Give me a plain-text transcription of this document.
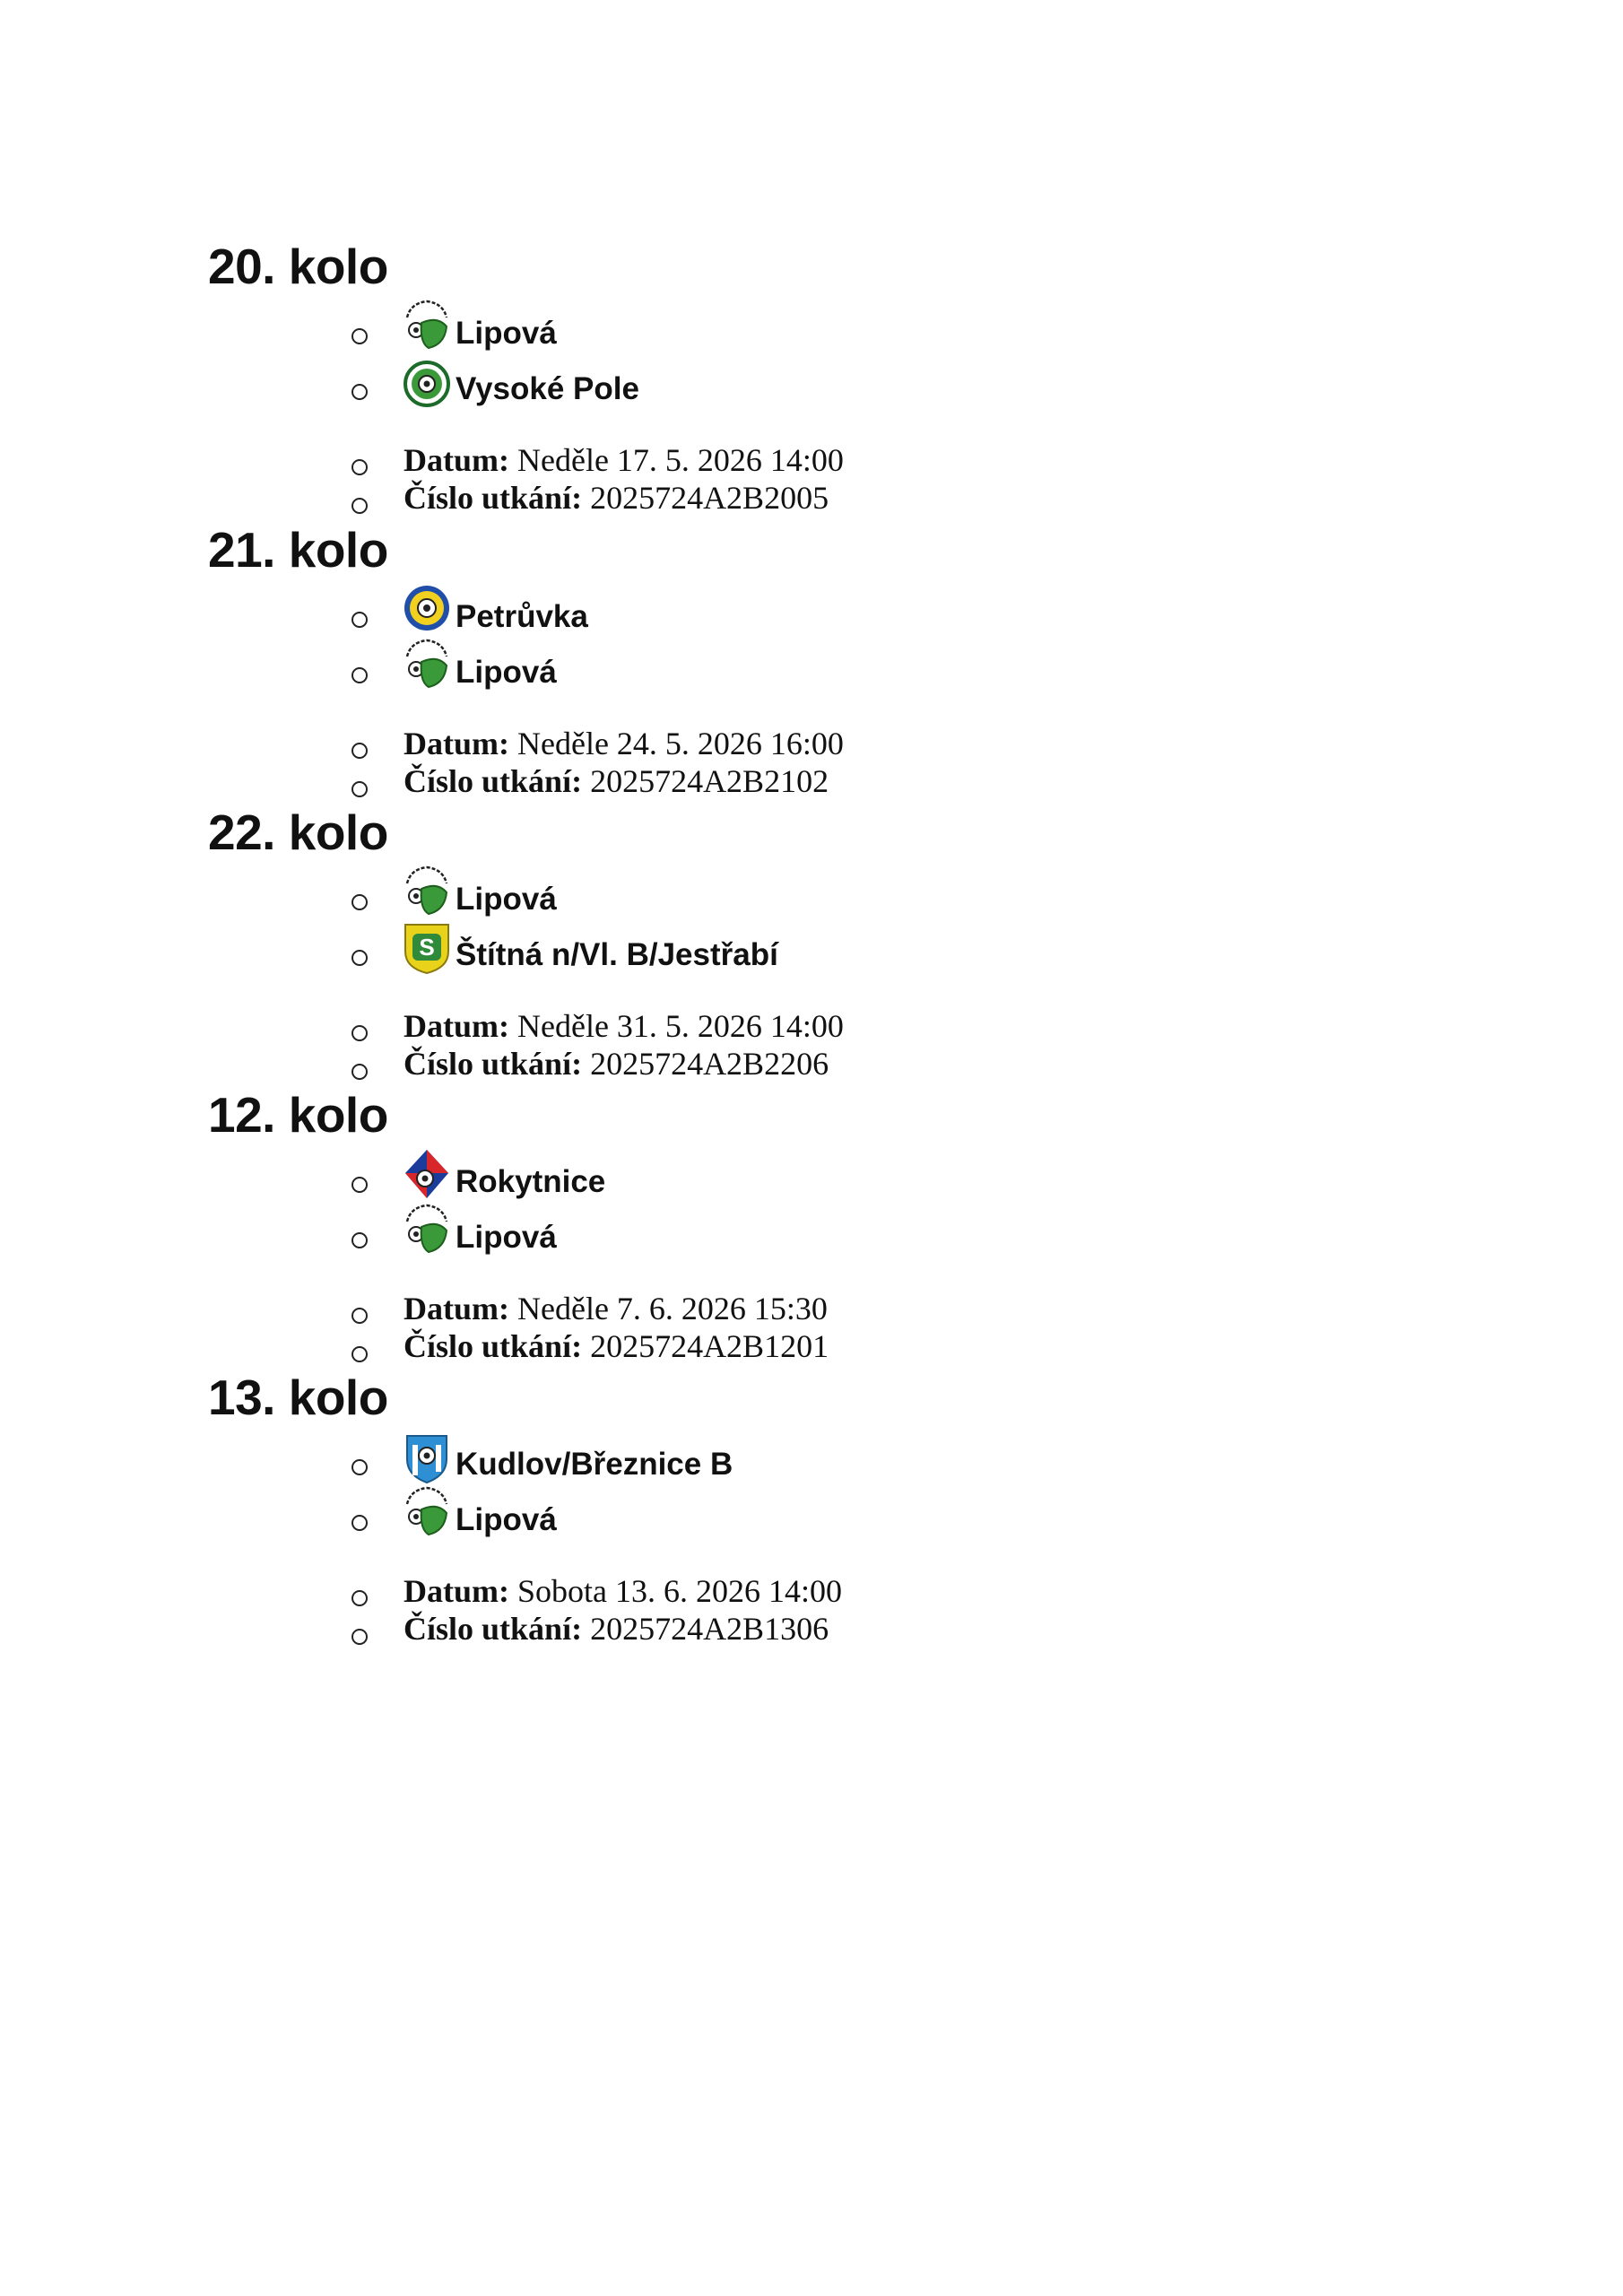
20. kolo
Lipová
Vysoké Pole
Datum: Neděle 17. 5. 2026 14:00
Číslo utkání: 2025724A2B2005
21. kolo
Petrůvka
Lipová
Datum: Neděle 24. 5. 2026 16:00
Číslo utkání: 2025724A2B2102
22. kolo
Lipová
S Štítná n/Vl. B/Jestřabí
Datum: Neděle 31. 5. 2026 14:00
Číslo utkání: 2025724A2B2206
12. kolo
Rokytnice
Lipová
Datum: Neděle 7. 6. 2026 15:30
Číslo utkání: 2025724A2B1201
13. kolo
Kudlov/Březnice B
Lipová
Datum: Sobota 13. 6. 2026 14:00
Číslo utkání: 2025724A2B1306
